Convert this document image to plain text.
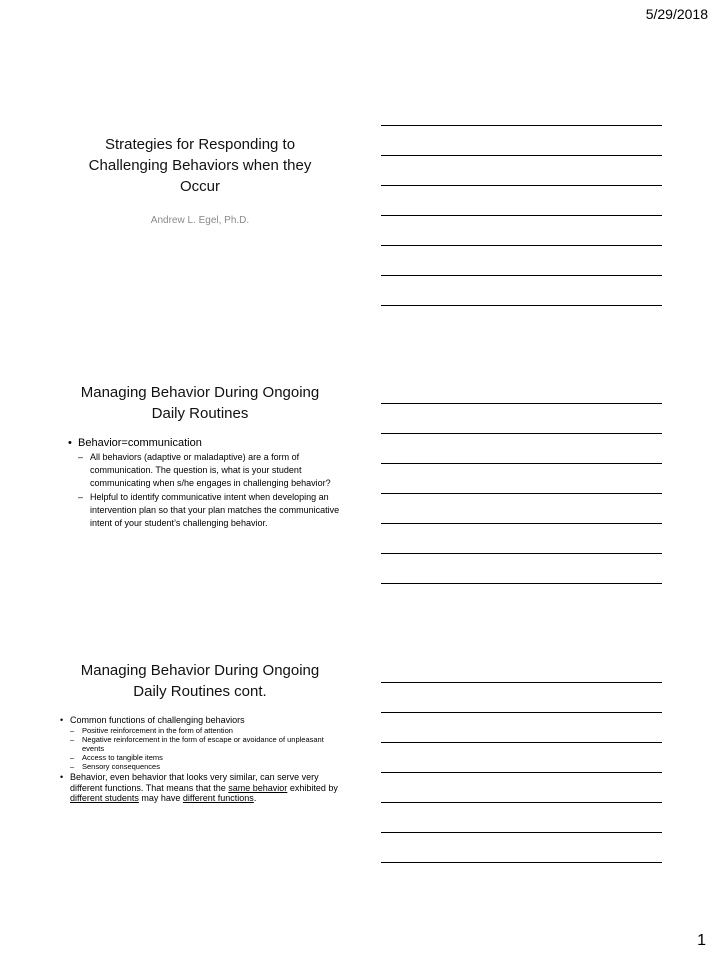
5/29/2018
Strategies for Responding to Challenging Behaviors when they Occur
Andrew L. Egel, Ph.D.
Managing Behavior During Ongoing Daily Routines
• Behavior=communication
– All behaviors (adaptive or maladaptive) are a form of communication. The question is, what is your student communicating when s/he engages in challenging behavior?
– Helpful to identify communicative intent when developing an intervention plan so that your plan matches the communicative intent of your student’s challenging behavior.
Managing Behavior During Ongoing Daily Routines cont.
• Common functions of challenging behaviors
– Positive reinforcement in the form of attention
– Negative reinforcement in the form of escape or avoidance of unpleasant events
– Access to tangible items
– Sensory consequences
• Behavior, even behavior that looks very similar, can serve very different functions. That means that the same behavior exhibited by different students may have different functions.
1
